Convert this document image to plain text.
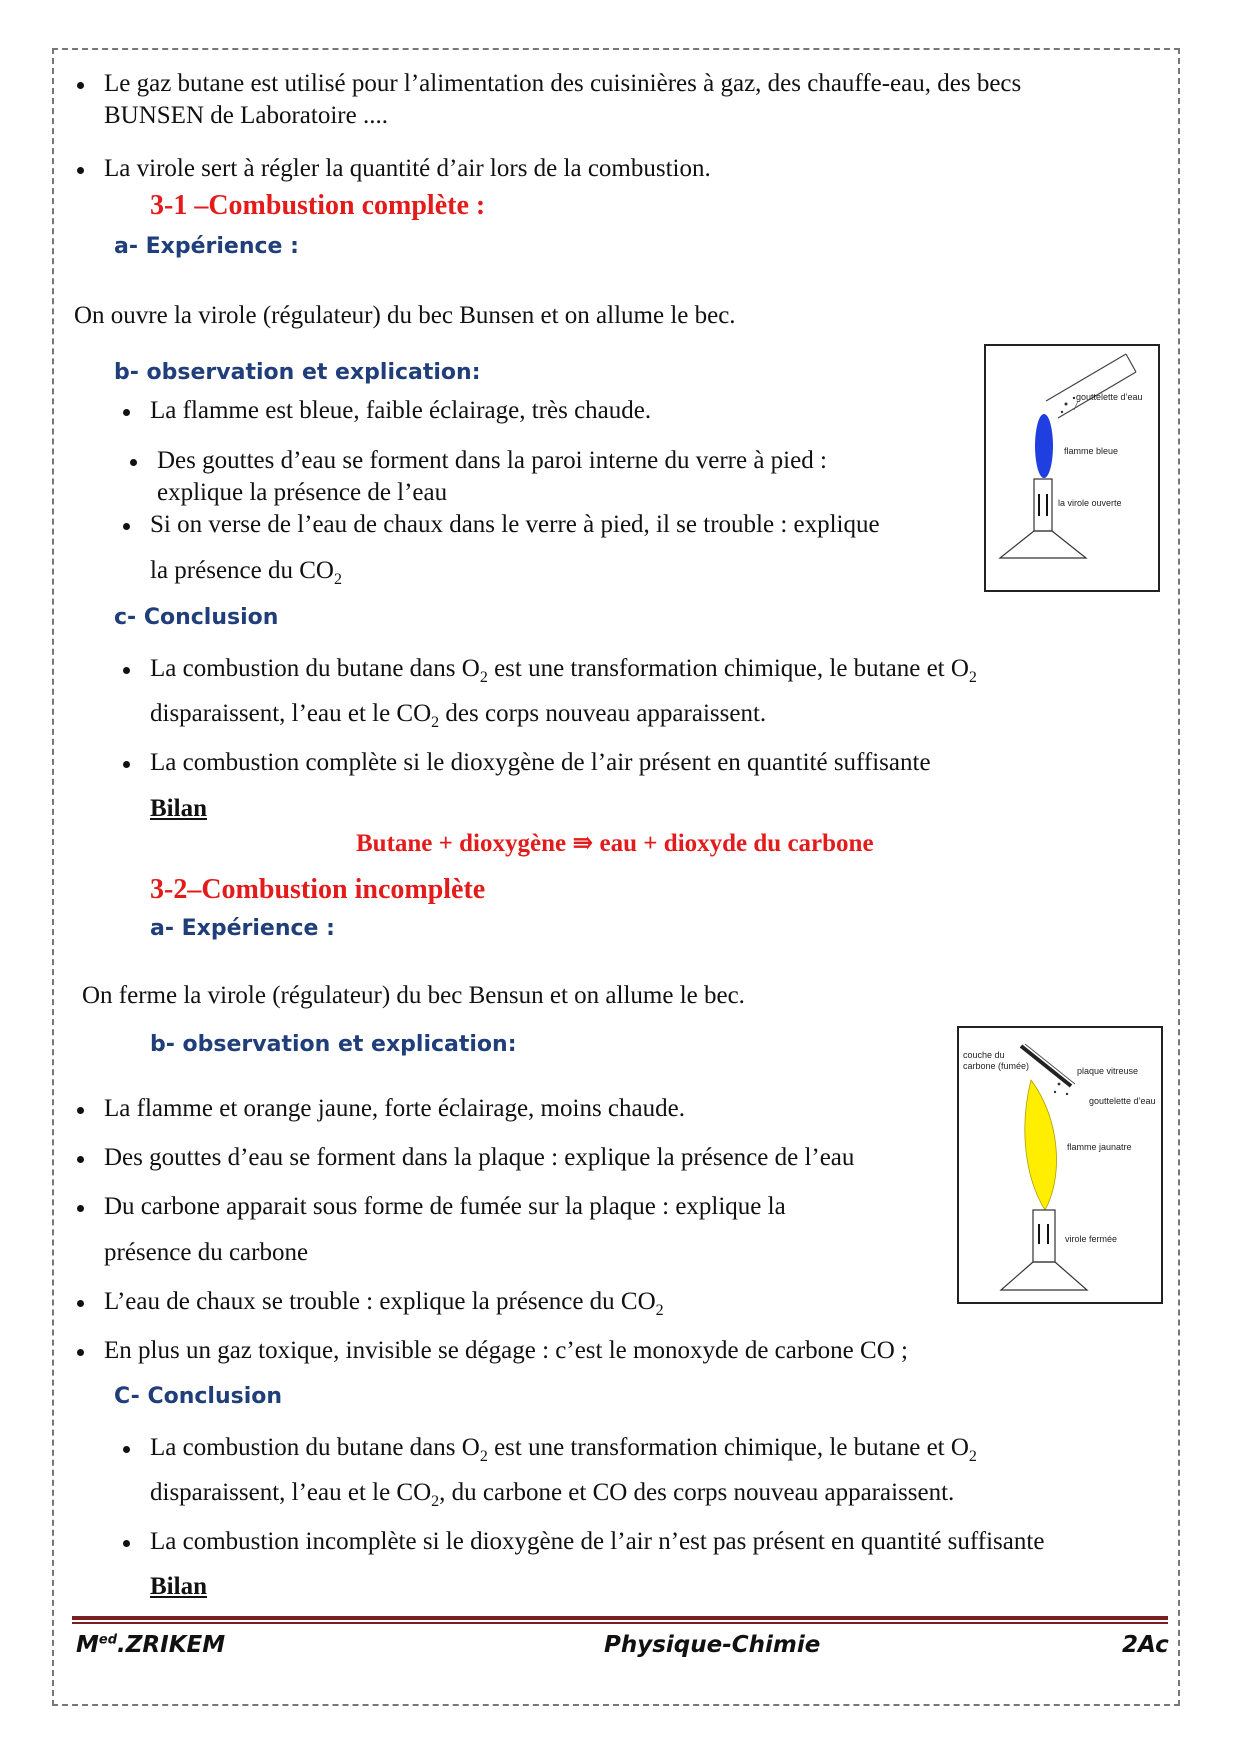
Le gaz butane est utilisé pour l’alimentation des cuisinières à gaz, des chauffe-eau, des becs
BUNSEN de Laboratoire ....
La virole sert à régler la quantité d’air lors de la combustion.
3-1 –Combustion complète :
a- Expérience :
On ouvre la virole (régulateur) du bec Bunsen et on allume le bec.
b- observation et explication:
La flamme est bleue, faible éclairage, très chaude.
Des gouttes d’eau se forment dans la paroi interne du verre à pied :
explique la présence de l’eau
Si on verse de l’eau de chaux dans le verre à pied, il se trouble : explique
la présence du $CO_2$
c- Conclusion
La combustion du butane dans $O_2$ est une transformation chimique, le butane et $O_2$
disparaissent, l’eau et le $CO_2$ des corps nouveau apparaissent.
La combustion complète si le dioxygène de l’air présent en quantité suffisante
Bilan
Butane + dioxygène ⇛ eau + dioxyde du carbone
gouttelette d’eau
flamme bleue
la virole ouverte
3-2–Combustion incomplète
a- Expérience :
On ferme la virole (régulateur) du bec Bensun et on allume le bec.
b- observation et explication:
La flamme et orange jaune, forte éclairage, moins chaude.
Des gouttes d’eau se forment dans la plaque : explique la présence de l’eau
Du carbone apparait sous forme de fumée sur la plaque : explique la
présence du carbone
L’eau de chaux se trouble : explique la présence du $CO_2$
En plus un gaz toxique, invisible se dégage : c’est le monoxyde de carbone CO ;
C- Conclusion
La combustion du butane dans $O_2$ est une transformation chimique, le butane et $O_2$
disparaissent, l’eau et le $CO_2$, du carbone et CO des corps nouveau apparaissent.
La combustion incomplète si le dioxygène de l’air n’est pas présent en quantité suffisante
Bilan
couche du
carbone (fumée)	plaque vitreuse
gouttelette d’eau
flamme jaunatre
virole fermée
$M^{ed}.ZRIKEM$	Physique-Chimie	2Ac
